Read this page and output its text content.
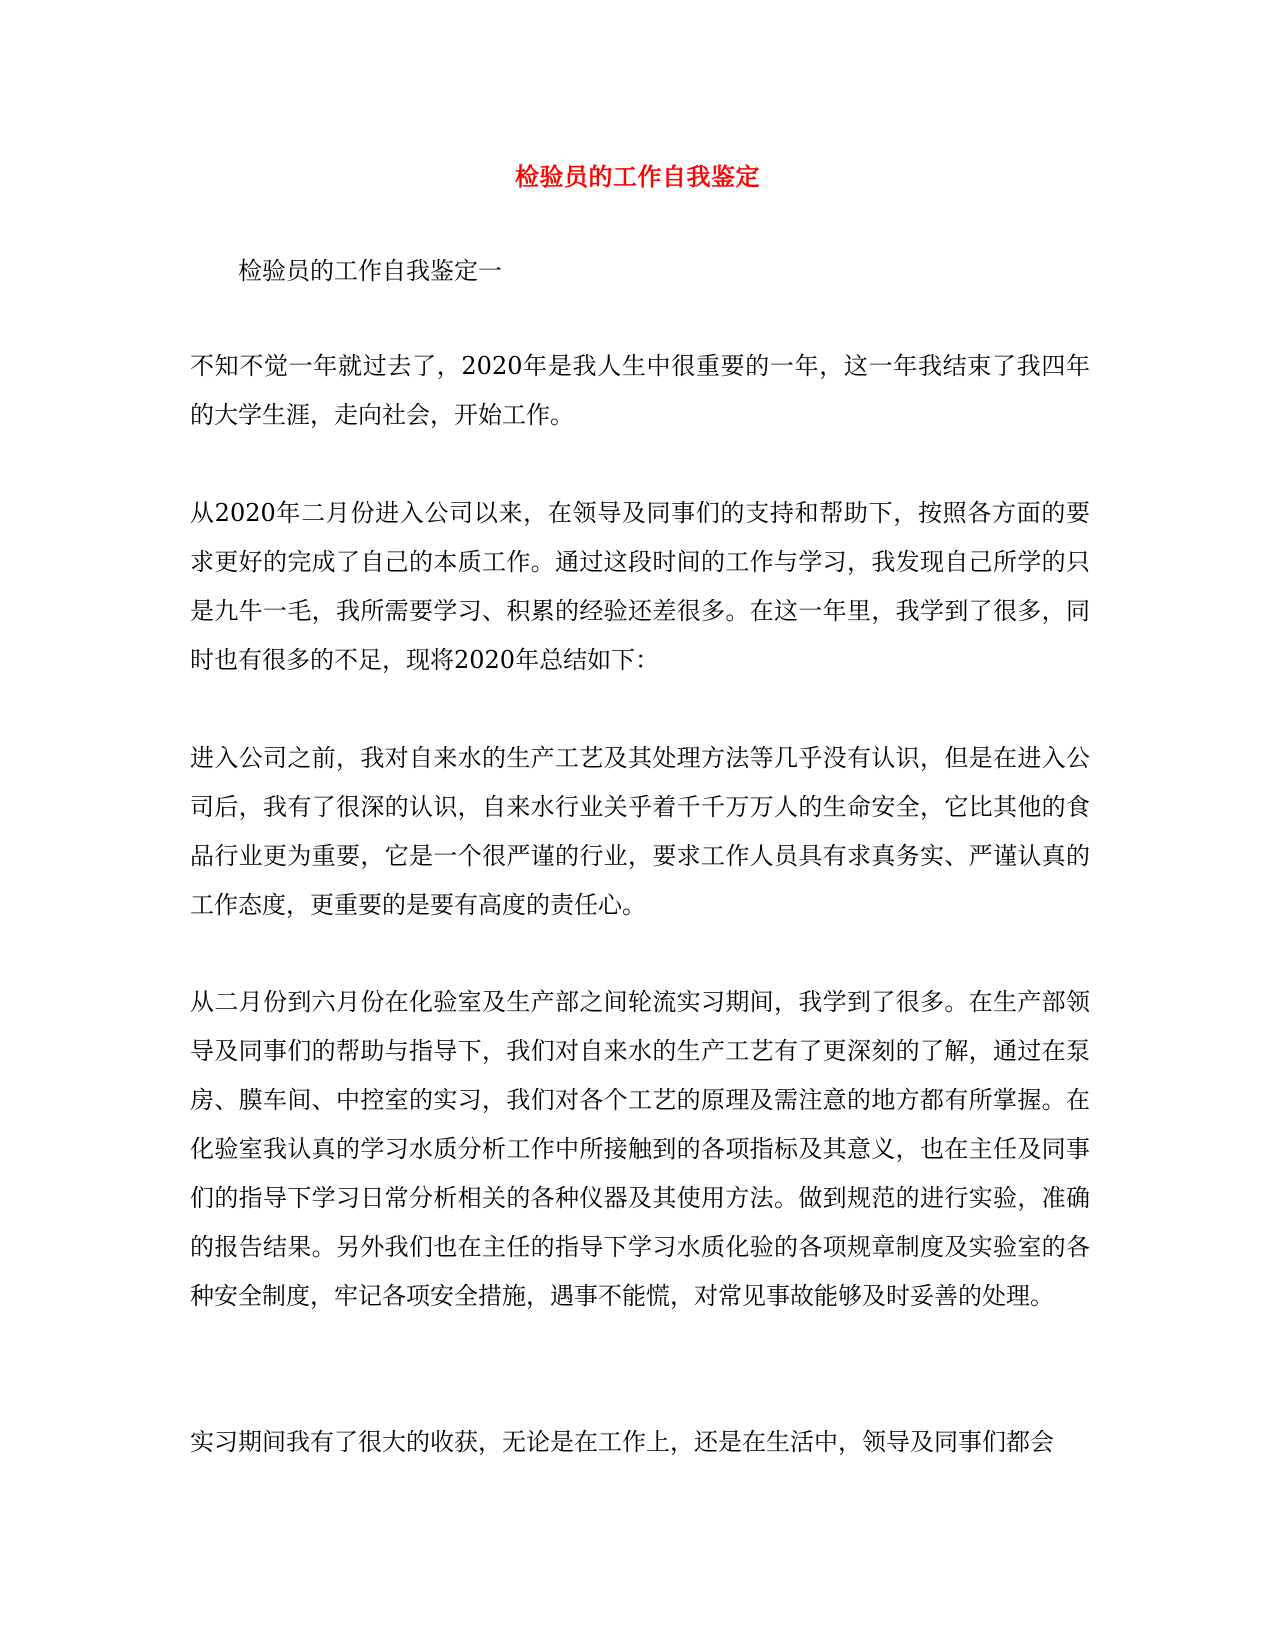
检验员的工作自我鉴定
检验员的工作自我鉴定一
不知不觉一年就过去了，2020年是我人生中很重要的一年，这一年我结束了我四年的大学生涯，走向社会，开始工作。
从2020年二月份进入公司以来，在领导及同事们的支持和帮助下，按照各方面的要求更好的完成了自己的本质工作。通过这段时间的工作与学习，我发现自己所学的只是九牛一毛，我所需要学习、积累的经验还差很多。在这一年里，我学到了很多，同时也有很多的不足，现将2020年总结如下：
进入公司之前，我对自来水的生产工艺及其处理方法等几乎没有认识，但是在进入公司后，我有了很深的认识，自来水行业关乎着千千万万人的生命安全，它比其他的食品行业更为重要，它是一个很严谨的行业，要求工作人员具有求真务实、严谨认真的工作态度，更重要的是要有高度的责任心。
从二月份到六月份在化验室及生产部之间轮流实习期间，我学到了很多。在生产部领导及同事们的帮助与指导下，我们对自来水的生产工艺有了更深刻的了解，通过在泵房、膜车间、中控室的实习，我们对各个工艺的原理及需注意的地方都有所掌握。在化验室我认真的学习水质分析工作中所接触到的各项指标及其意义，也在主任及同事们的指导下学习日常分析相关的各种仪器及其使用方法。做到规范的进行实验，准确的报告结果。另外我们也在主任的指导下学习水质化验的各项规章制度及实验室的各种安全制度，牢记各项安全措施，遇事不能慌，对常见事故能够及时妥善的处理。
实习期间我有了很大的收获，无论是在工作上，还是在生活中，领导及同事们都会
